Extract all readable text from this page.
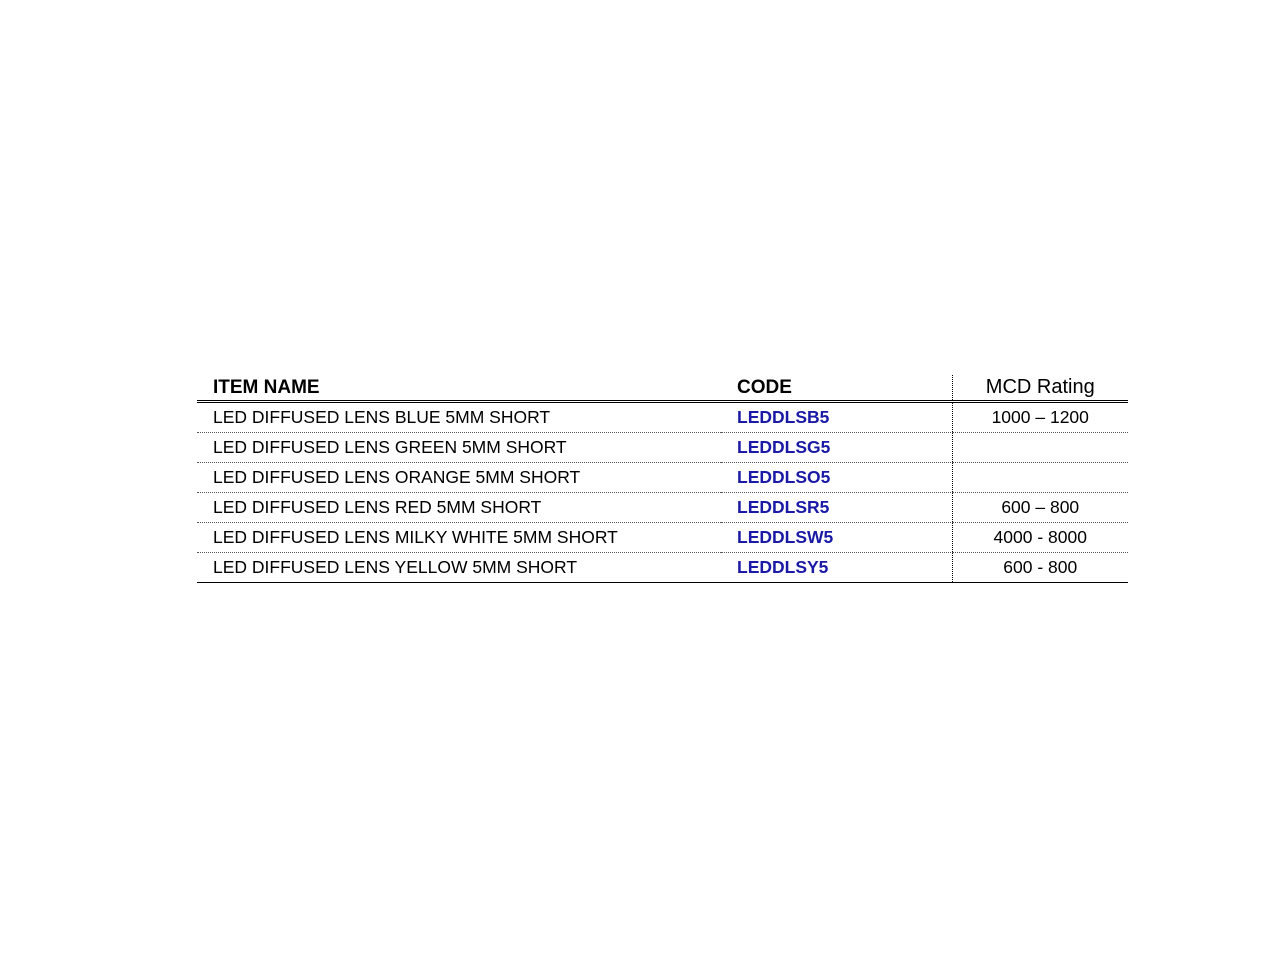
ITEM NAME	CODE	MCD Rating
LED DIFFUSED LENS BLUE 5MM SHORT	LEDDLSB5	1000 – 1200
LED DIFFUSED LENS GREEN 5MM SHORT	LEDDLSG5	
LED DIFFUSED LENS ORANGE 5MM SHORT	LEDDLSO5	
LED DIFFUSED LENS RED 5MM SHORT	LEDDLSR5	600 – 800
LED DIFFUSED LENS MILKY WHITE 5MM SHORT	LEDDLSW5	4000 - 8000
LED DIFFUSED LENS YELLOW 5MM SHORT	LEDDLSY5	600 - 800
